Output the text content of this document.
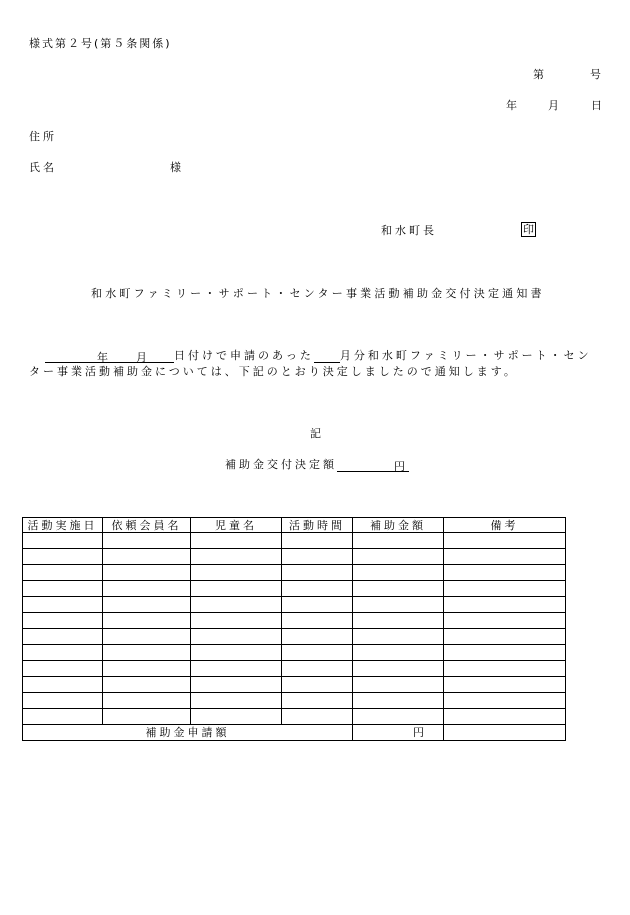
様式第２号(第５条関係)
第	号
年	月	日
住所
氏名	様
和水町長	印
和水町ファミリー・サポート・センター事業活動補助金交付決定通知書
年	月 日付けで申請のあった 月分和水町ファミリー・サポート・セン
ター事業活動補助金については、下記のとおり決定しましたので通知します。
記
補助金交付決定額	円
活動実施日	依頼会員名	児童名	活動時間	補助金額	備考

補助金申請額				円	
